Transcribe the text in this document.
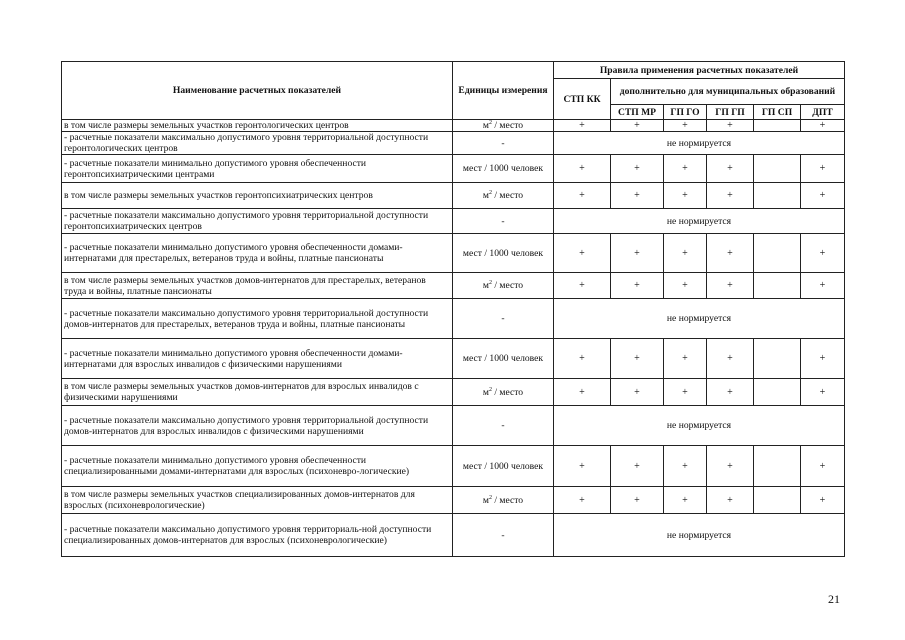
Наименование расчетных показателей	Единицы измерения	Правила применения расчетных показателей					
		СТП КК	дополнительно для муниципальных образований				
			СТП МР	ГП ГО	ГП ГП	ГП СП	ДПТ
в том числе размеры земельных участков геронтологических центров	$м^2$ / место	+	+	+	+		+
- расчетные показатели максимально допустимого уровня территориальной доступности геронтологических центров	-	не нормируется					
- расчетные показатели минимально допустимого уровня обеспеченности геронтопсихиатрическими центрами	мест / 1000 человек	+	+	+	+		+
в том числе размеры земельных участков геронтопсихиатрических центров	$м^2$ / место	+	+	+	+		+
- расчетные показатели максимально допустимого уровня территориальной доступности геронтопсихиатрических центров	-	не нормируется					
- расчетные показатели минимально допустимого уровня обеспеченности домами-интернатами для престарелых, ветеранов труда и войны, платные пансионаты	мест / 1000 человек	+	+	+	+		+
в том числе размеры земельных участков домов-интернатов для престарелых, ветеранов труда и войны, платные пансионаты	$м^2$ / место	+	+	+	+		+
- расчетные показатели максимально допустимого уровня территориальной доступности домов-интернатов для престарелых, ветеранов труда и войны, платные пансионаты	-	не нормируется					
- расчетные показатели минимально допустимого уровня обеспеченности домами-интернатами для взрослых инвалидов с физическими нарушениями	мест / 1000 человек	+	+	+	+		+
в том числе размеры земельных участков домов-интернатов для взрослых инвалидов с физическими нарушениями	$м^2$ / место	+	+	+	+		+
- расчетные показатели максимально допустимого уровня территориальной доступности домов-интернатов для взрослых инвалидов с физическими нарушениями	-	не нормируется					
- расчетные показатели минимально допустимого уровня обеспеченности специализированными домами-интернатами для взрослых (психоневро-логические)	мест / 1000 человек	+	+	+	+		+
в том числе размеры земельных участков специализированных домов-интернатов для взрослых (психоневрологические)	$м^2$ / место	+	+	+	+		+
- расчетные показатели максимально допустимого уровня территориаль-ной доступности специализированных домов-интернатов для взрослых (психоневрологические)	-	не нормируется					
21
